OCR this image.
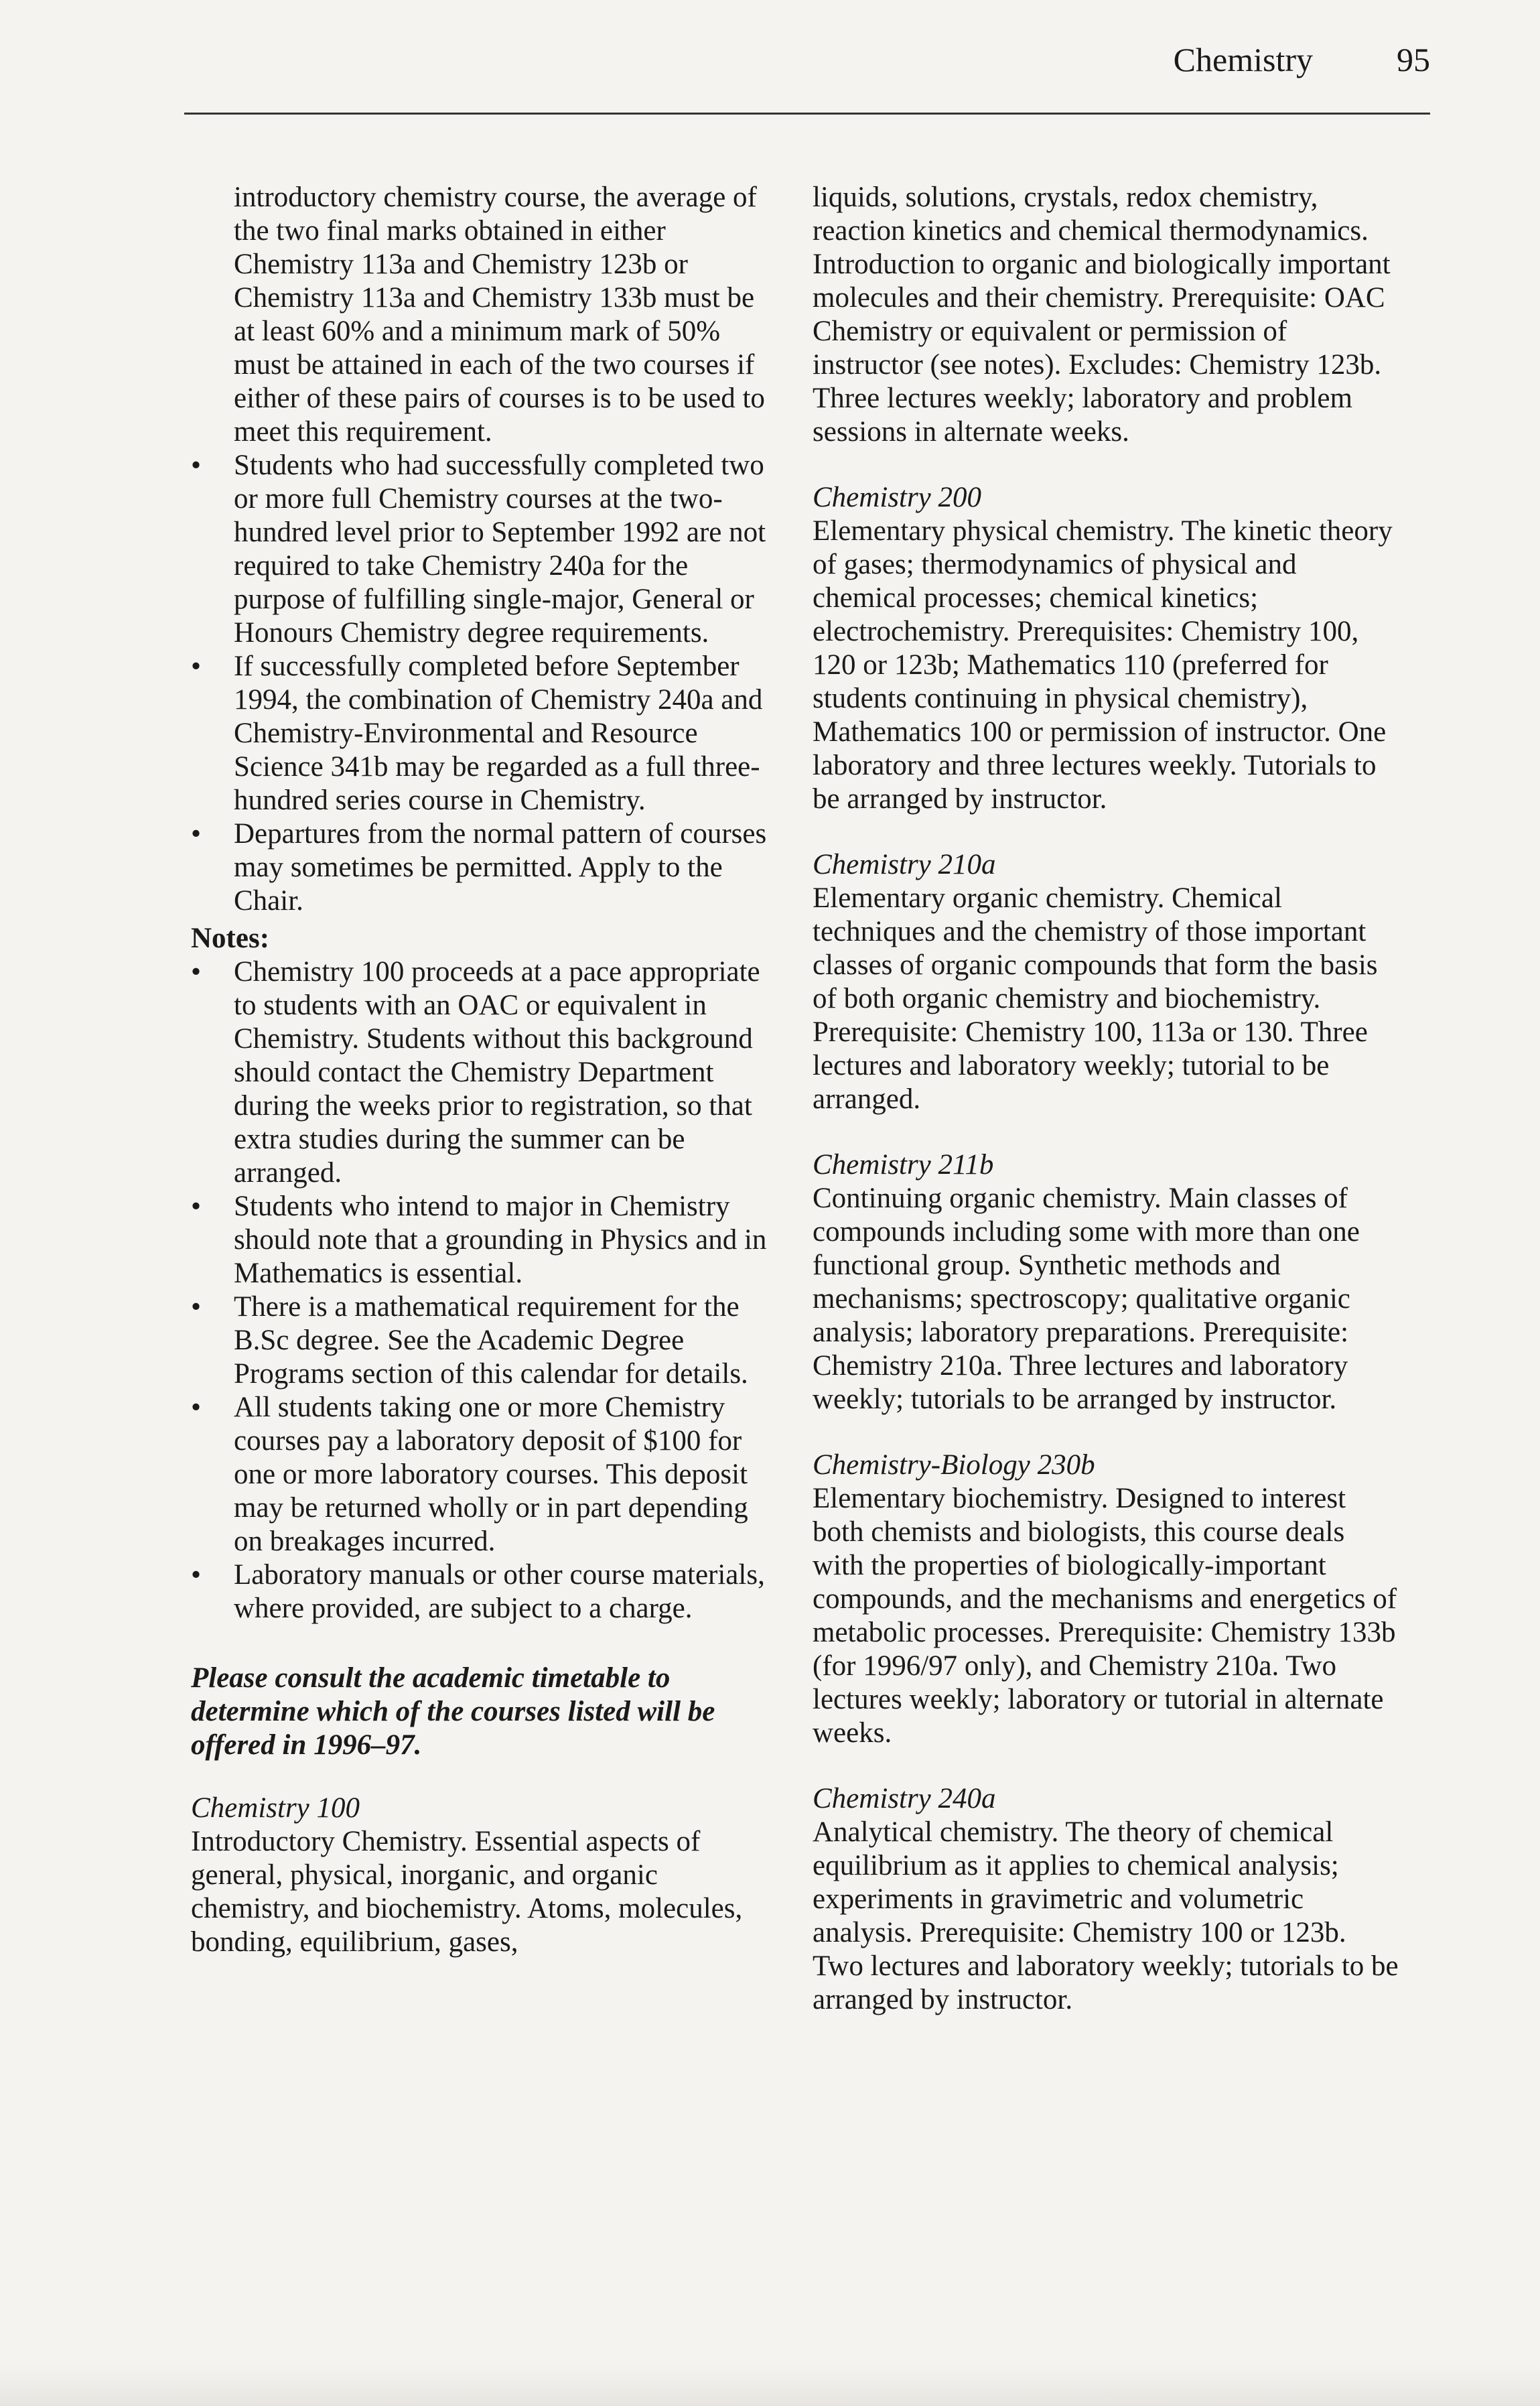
Chemistry	95
introductory chemistry course, the average of the two final marks obtained in either Chemistry 113a and Chemistry 123b or Chemistry 113a and Chemistry 133b must be at least 60% and a minimum mark of 50% must be attained in each of the two courses if either of these pairs of courses is to be used to meet this requirement.
• Students who had successfully completed two or more full Chemistry courses at the two-hundred level prior to September 1992 are not required to take Chemistry 240a for the purpose of fulfilling single-major, General or Honours Chemistry degree requirements.
• If successfully completed before September 1994, the combination of Chemistry 240a and Chemistry-Environmental and Resource Science 341b may be regarded as a full three-hundred series course in Chemistry.
• Departures from the normal pattern of courses may sometimes be permitted. Apply to the Chair.
Notes:
• Chemistry 100 proceeds at a pace appropriate to students with an OAC or equivalent in Chemistry. Students without this background should contact the Chemistry Department during the weeks prior to registration, so that extra studies during the summer can be arranged.
• Students who intend to major in Chemistry should note that a grounding in Physics and in Mathematics is essential.
• There is a mathematical requirement for the B.Sc degree. See the Academic Degree Programs section of this calendar for details.
• All students taking one or more Chemistry courses pay a laboratory deposit of $100 for one or more laboratory courses. This deposit may be returned wholly or in part depending on breakages incurred.
• Laboratory manuals or other course materials, where provided, are subject to a charge.
Please consult the academic timetable to determine which of the courses listed will be offered in 1996–97.
Chemistry 100
Introductory Chemistry. Essential aspects of general, physical, inorganic, and organic chemistry, and biochemistry. Atoms, molecules, bonding, equilibrium, gases,
liquids, solutions, crystals, redox chemistry, reaction kinetics and chemical thermodynamics. Introduction to organic and biologically important molecules and their chemistry. Prerequisite: OAC Chemistry or equivalent or permission of instructor (see notes). Excludes: Chemistry 123b. Three lectures weekly; laboratory and problem sessions in alternate weeks.
Chemistry 200
Elementary physical chemistry. The kinetic theory of gases; thermodynamics of physical and chemical processes; chemical kinetics; electrochemistry. Prerequisites: Chemistry 100, 120 or 123b; Mathematics 110 (preferred for students continuing in physical chemistry), Mathematics 100 or permission of instructor. One laboratory and three lectures weekly. Tutorials to be arranged by instructor.
Chemistry 210a
Elementary organic chemistry. Chemical techniques and the chemistry of those important classes of organic compounds that form the basis of both organic chemistry and biochemistry. Prerequisite: Chemistry 100, 113a or 130. Three lectures and laboratory weekly; tutorial to be arranged.
Chemistry 211b
Continuing organic chemistry. Main classes of compounds including some with more than one functional group. Synthetic methods and mechanisms; spectroscopy; qualitative organic analysis; laboratory preparations. Prerequisite: Chemistry 210a. Three lectures and laboratory weekly; tutorials to be arranged by instructor.
Chemistry-Biology 230b
Elementary biochemistry. Designed to interest both chemists and biologists, this course deals with the properties of biologically-important compounds, and the mechanisms and energetics of metabolic processes. Prerequisite: Chemistry 133b (for 1996/97 only), and Chemistry 210a. Two lectures weekly; laboratory or tutorial in alternate weeks.
Chemistry 240a
Analytical chemistry. The theory of chemical equilibrium as it applies to chemical analysis; experiments in gravimetric and volumetric analysis. Prerequisite: Chemistry 100 or 123b. Two lectures and laboratory weekly; tutorials to be arranged by instructor.
